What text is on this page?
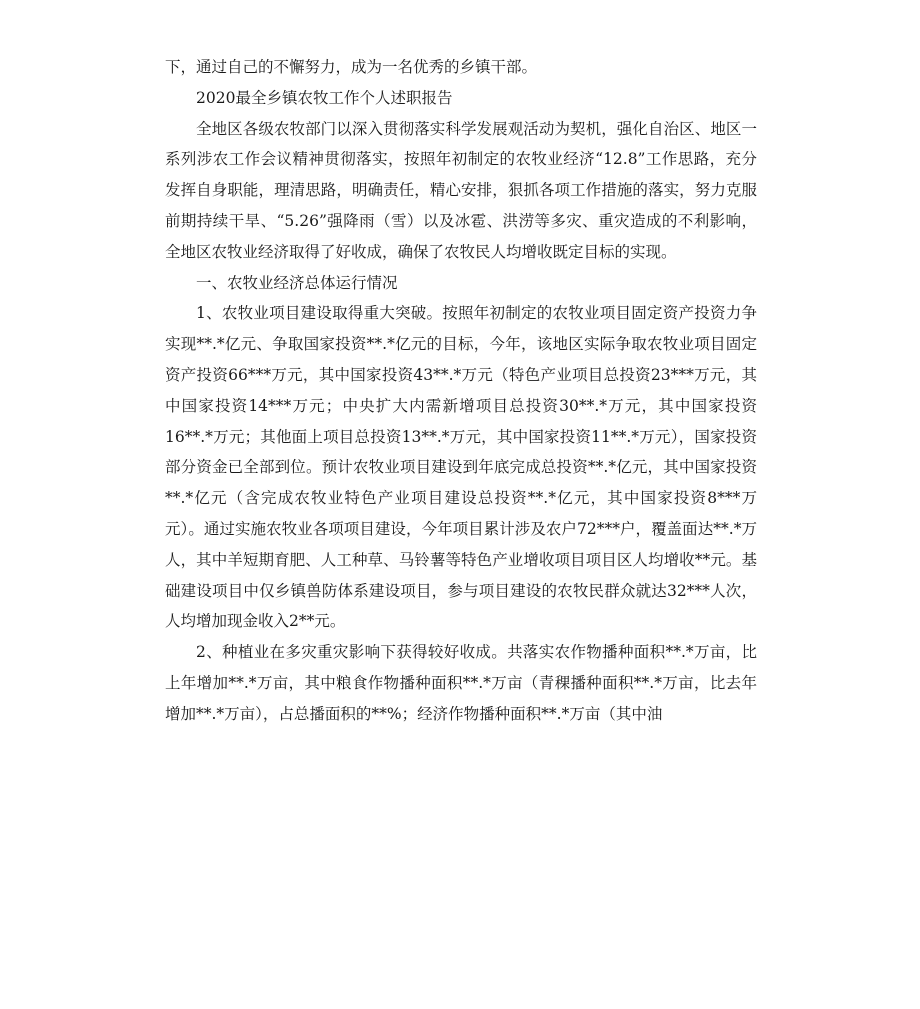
下，通过自己的不懈努力，成为一名优秀的乡镇干部。

2020最全乡镇农牧工作个人述职报告

全地区各级农牧部门以深入贯彻落实科学发展观活动为契机，强化自治区、地区一系列涉农工作会议精神贯彻落实，按照年初制定的农牧业经济“12.8”工作思路，充分发挥自身职能，理清思路，明确责任，精心安排，狠抓各项工作措施的落实，努力克服前期持续干旱、“5.26”强降雨（雪）以及冰雹、洪涝等多灾、重灾造成的不利影响，全地区农牧业经济取得了好收成，确保了农牧民人均增收既定目标的实现。

一、农牧业经济总体运行情况

1、农牧业项目建设取得重大突破。按照年初制定的农牧业项目固定资产投资力争实现**.*亿元、争取国家投资**.*亿元的目标，今年，该地区实际争取农牧业项目固定资产投资66***万元，其中国家投资43**.*万元（特色产业项目总投资23***万元，其中国家投资14***万元；中央扩大内需新增项目总投资30**.*万元，其中国家投资16**.*万元；其他面上项目总投资13**.*万元，其中国家投资11**.*万元），国家投资部分资金已全部到位。预计农牧业项目建设到年底完成总投资**.*亿元，其中国家投资**.*亿元（含完成农牧业特色产业项目建设总投资**.*亿元，其中国家投资8***万元）。通过实施农牧业各项项目建设，今年项目累计涉及农户72***户，覆盖面达**.*万人，其中羊短期育肥、人工种草、马铃薯等特色产业增收项目项目区人均增收**元。基础建设项目中仅乡镇兽防体系建设项目，参与项目建设的农牧民群众就达32***人次，人均增加现金收入2**元。

2、种植业在多灾重灾影响下获得较好收成。共落实农作物播种面积**.*万亩，比上年增加**.*万亩，其中粮食作物播种面积**.*万亩（青稞播种面积**.*万亩，比去年增加**.*万亩），占总播面积的**%；经济作物播种面积**.*万亩（其中油
